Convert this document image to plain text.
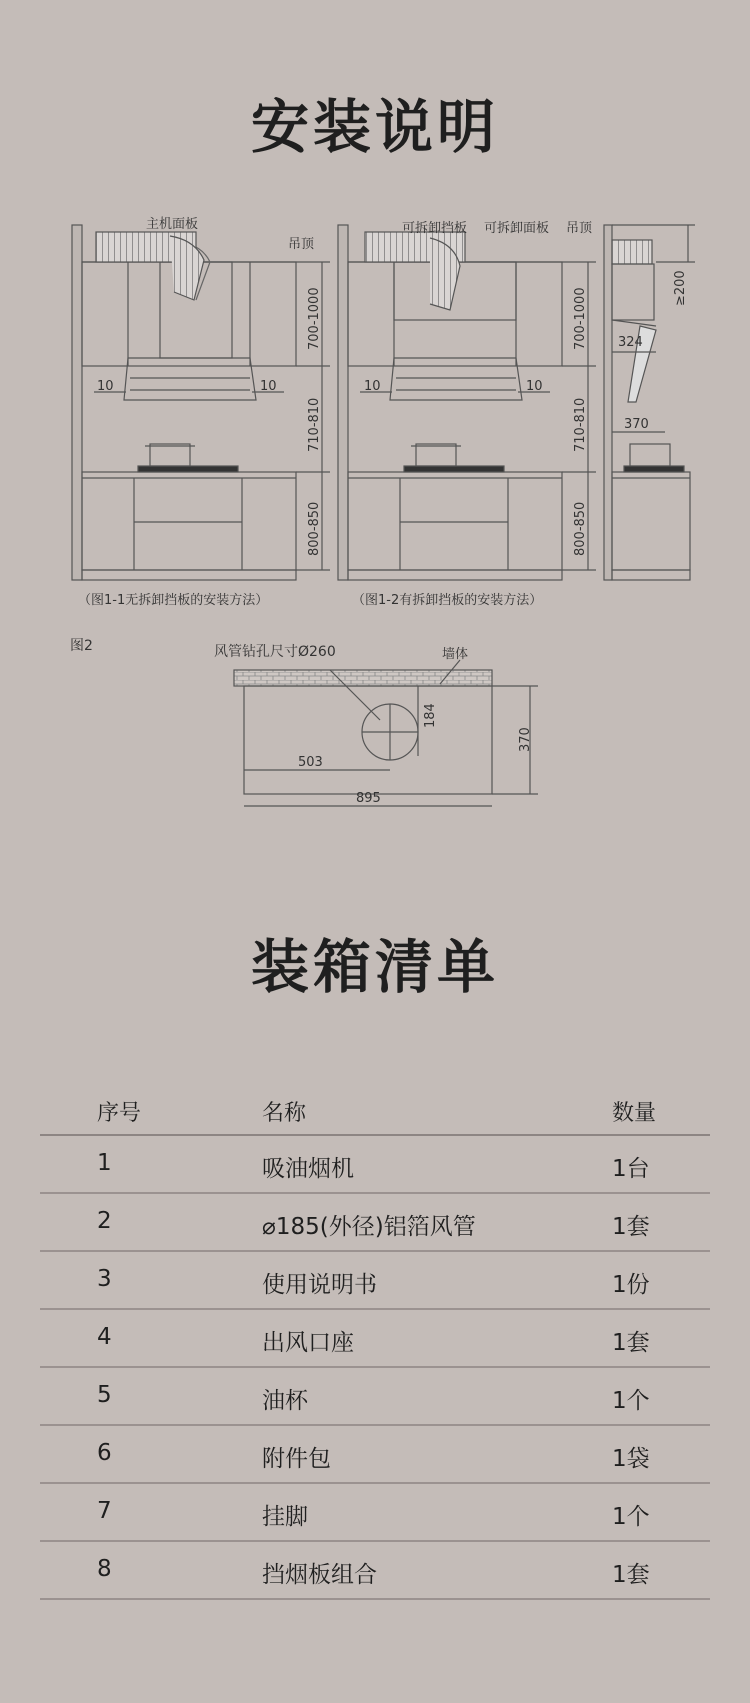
安装说明
主机面板
吊顶
可拆卸挡板 可拆卸面板 吊顶
10	10	10	10
700-1000
710-810
800-850
700-1000
710-810
800-850
≥200
324
370
（图1-1无拆卸挡板的安装方法）	（图1-2有拆卸挡板的安装方法）
图2	风管钻孔尺寸Ø260	墙体
184
370
503
895
装箱清单
序号	名称	数量
1	吸油烟机	1台
2	⌀185(外径)铝箔风管	1套
3	使用说明书	1份
4	出风口座	1套
5	油杯	1个
6	附件包	1袋
7	挂脚	1个
8	挡烟板组合	1套
